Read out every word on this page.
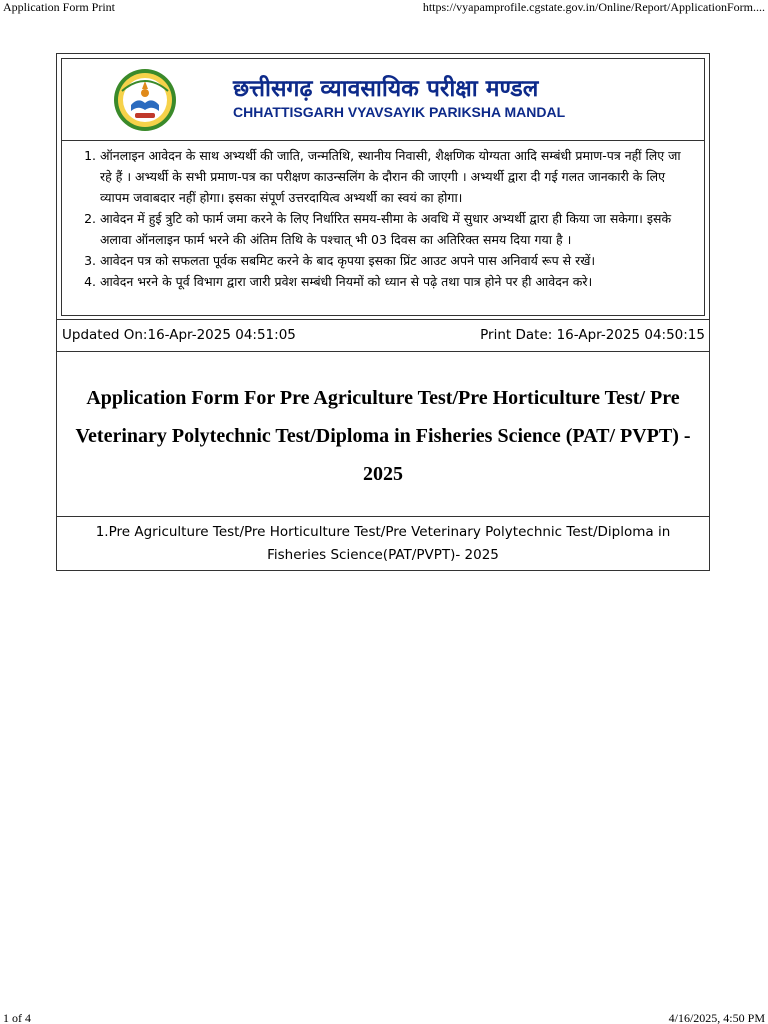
Application Form Print	https://vyapamprofile.cgstate.gov.in/Online/Report/ApplicationForm....
छत्तीसगढ़ व्यावसायिक परीक्षा मण्डल
CHHATTISGARH VYAVSAYIK PARIKSHA MANDAL
1. ऑनलाइन आवेदन के साथ अभ्यर्थी की जाति, जन्मतिथि, स्थानीय निवासी, शैक्षणिक योग्यता आदि सम्बंधी प्रमाण-पत्र नहीं लिए जा रहे हैं । अभ्यर्थी के सभी प्रमाण-पत्र का परीक्षण काउन्सलिंग के दौरान की जाएगी । अभ्यर्थी द्वारा दी गई गलत जानकारी के लिए व्यापम जवाबदार नहीं होगा। इसका संपूर्ण उत्तरदायित्व अभ्यर्थी का स्वयं का होगा।
2. आवेदन में हुई त्रुटि को फार्म जमा करने के लिए निर्धारित समय-सीमा के अवधि में सुधार अभ्यर्थी द्वारा ही किया जा सकेगा। इसके अलावा ऑनलाइन फार्म भरने की अंतिम तिथि के पश्चात् भी 03 दिवस का अतिरिक्त समय दिया गया है ।
3. आवेदन पत्र को सफलता पूर्वक सबमिट करने के बाद कृपया इसका प्रिंट आउट अपने पास अनिवार्य रूप से रखें।
4. आवेदन भरने के पूर्व विभाग द्वारा जारी प्रवेश सम्बंधी नियमों को ध्यान से पढ़े तथा पात्र होने पर ही आवेदन करे।
Updated On:16-Apr-2025 04:51:05	Print Date: 16-Apr-2025 04:50:15
Application Form For Pre Agriculture Test/Pre Horticulture Test/ Pre Veterinary Polytechnic Test/Diploma in Fisheries Science (PAT/ PVPT) - 2025
1.Pre Agriculture Test/Pre Horticulture Test/Pre Veterinary Polytechnic Test/Diploma in Fisheries Science(PAT/PVPT)- 2025
1 of 4	4/16/2025, 4:50 PM
